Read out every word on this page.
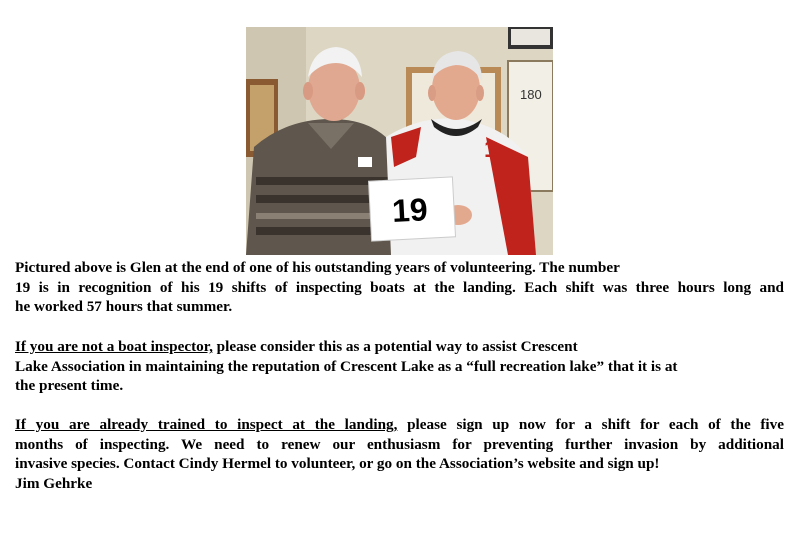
180
1
19
Pictured above is Glen at the end of one of his outstanding years of volunteering. The number
19 is in recognition of his 19 shifts of inspecting boats at the landing. Each shift was three hours long and
he worked 57 hours that summer.
If you are not a boat inspector, please consider this as a potential way to assist Crescent
Lake Association in maintaining the reputation of Crescent Lake as a “full recreation lake” that it is at
the present time.
If you are already trained to inspect at the landing, please sign up now for a shift for each of the five
months of inspecting. We need to renew our enthusiasm for preventing further invasion by additional
invasive species. Contact Cindy Hermel to volunteer, or go on the Association’s website and sign up!
Jim Gehrke
